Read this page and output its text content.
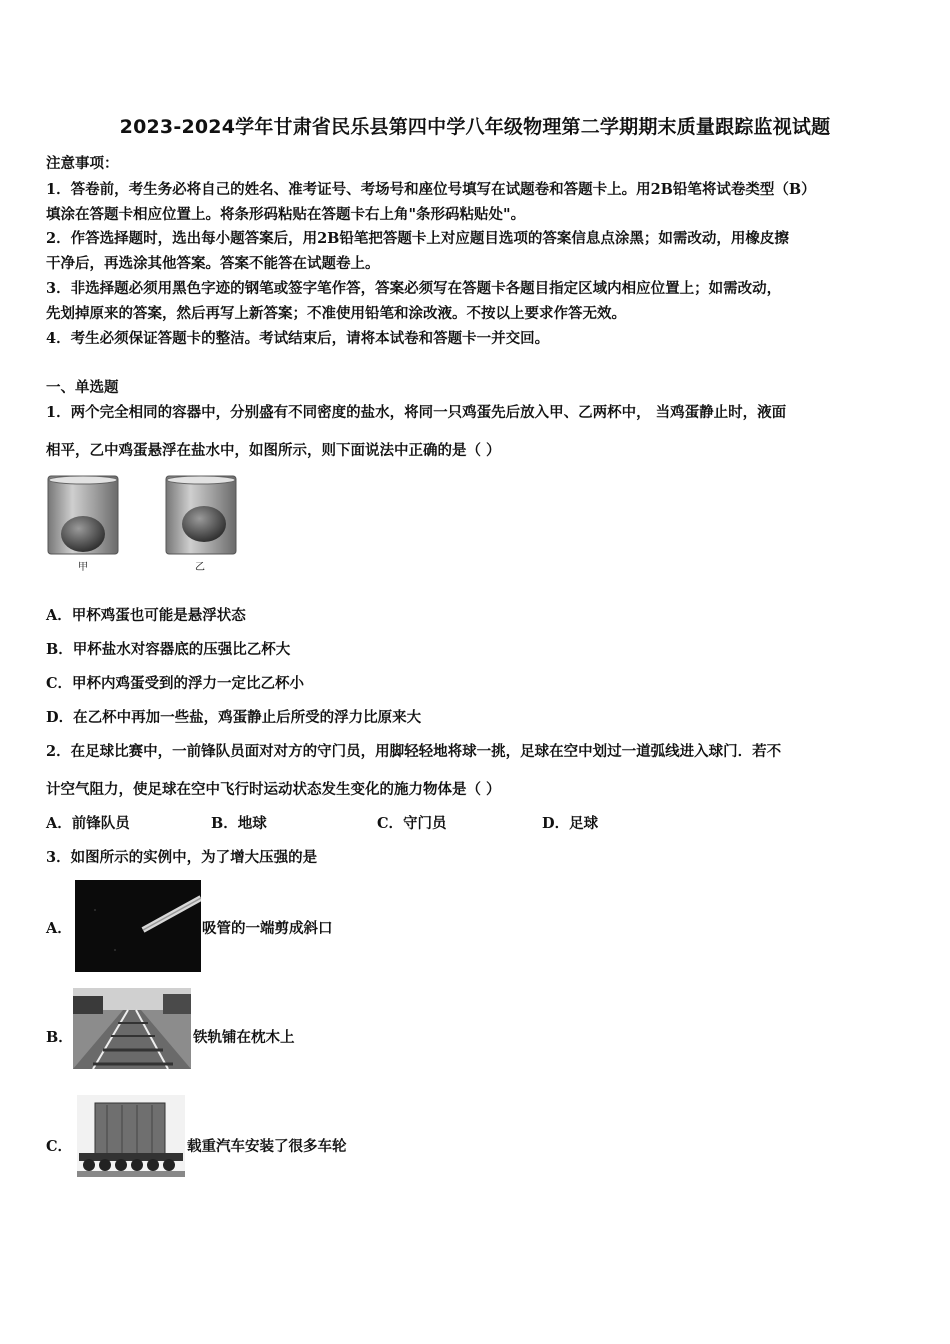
2023-2024学年甘肃省民乐县第四中学八年级物理第二学期期末质量跟踪监视试题
注意事项：
1．答卷前，考生务必将自己的姓名、准考证号、考场号和座位号填写在试题卷和答题卡上。用2B铅笔将试卷类型（B）
填涂在答题卡相应位置上。将条形码粘贴在答题卡右上角"条形码粘贴处"。
2．作答选择题时，选出每小题答案后，用2B铅笔把答题卡上对应题目选项的答案信息点涂黑；如需改动，用橡皮擦
干净后，再选涂其他答案。答案不能答在试题卷上。
3．非选择题必须用黑色字迹的钢笔或签字笔作答，答案必须写在答题卡各题目指定区域内相应位置上；如需改动，
先划掉原来的答案，然后再写上新答案；不准使用铅笔和涂改液。不按以上要求作答无效。
4．考生必须保证答题卡的整洁。考试结束后，请将本试卷和答题卡一并交回。
一、单选题
1．两个完全相同的容器中，分别盛有不同密度的盐水，将同一只鸡蛋先后放入甲、乙两杯中， 当鸡蛋静止时，液面
相平，乙中鸡蛋悬浮在盐水中，如图所示，则下面说法中正确的是（ ）
甲	乙
A．甲杯鸡蛋也可能是悬浮状态
B．甲杯盐水对容器底的压强比乙杯大
C．甲杯内鸡蛋受到的浮力一定比乙杯小
D．在乙杯中再加一些盐，鸡蛋静止后所受的浮力比原来大
2．在足球比赛中，一前锋队员面对对方的守门员，用脚轻轻地将球一挑，足球在空中划过一道弧线进入球门．若不
计空气阻力，使足球在空中飞行时运动状态发生变化的施力物体是（ ）
A．前锋队员	B．地球	C．守门员	D．足球
3．如图所示的实例中，为了增大压强的是
A．	吸管的一端剪成斜口
B．	铁轨铺在枕木上
C．	载重汽车安装了很多车轮
